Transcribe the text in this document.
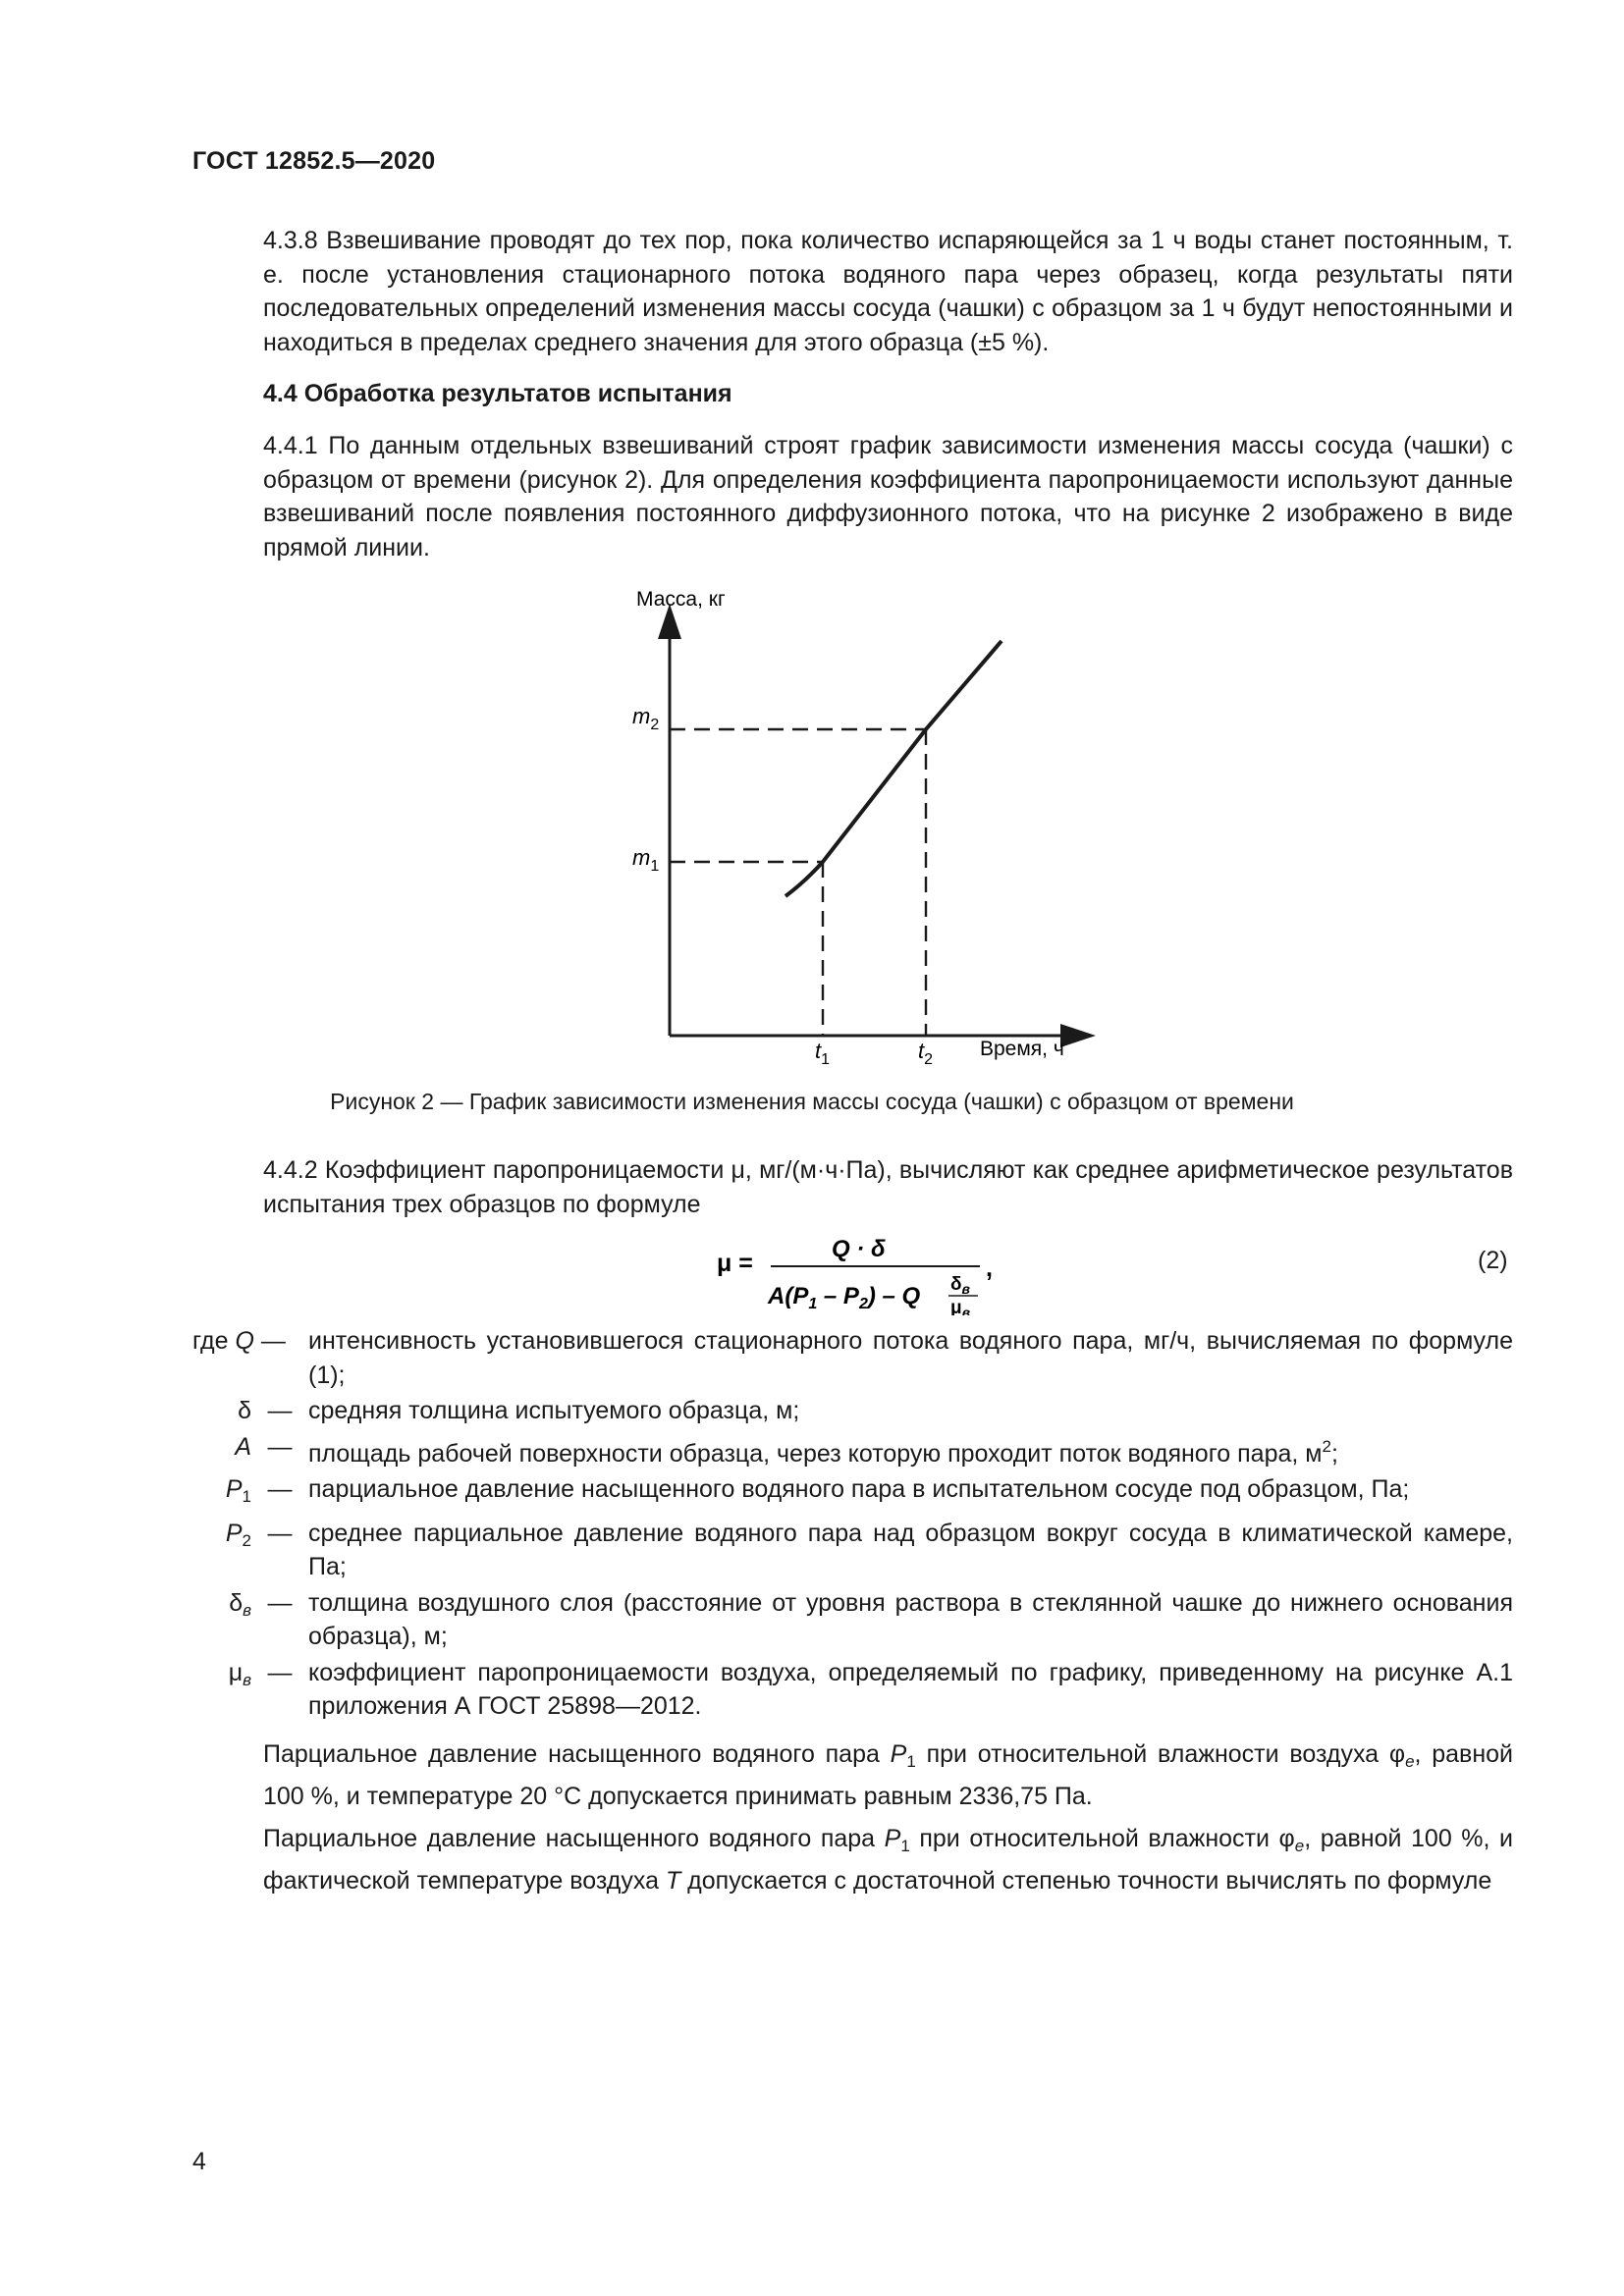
ГОСТ 12852.5—2020
4.3.8 Взвешивание проводят до тех пор, пока количество испаряющейся за 1 ч воды станет постоянным, т. е. после установления стационарного потока водяного пара через образец, когда результаты пяти последовательных определений изменения массы сосуда (чашки) с образцом за 1 ч будут непостоянными и находиться в пределах среднего значения для этого образца (±5 %).
4.4 Обработка результатов испытания
4.4.1 По данным отдельных взвешиваний строят график зависимости изменения массы сосуда (чашки) с образцом от времени (рисунок 2). Для определения коэффициента паропроницаемости используют данные взвешиваний после появления постоянного диффузионного потока, что на рисунке 2 изображено в виде прямой линии.
Масса, кг
Время, ч
$m_2$
$m_1$
$t_1$	$t_2$
Рисунок 2 — График зависимости изменения массы сосуда (чашки) с образцом от времени
4.4.2 Коэффициент паропроницаемости μ, мг/(м·ч·Па), вычисляют как среднее арифметическое результатов испытания трех образцов по формуле
μ =
Q · δ
$A(P_1 - P_2)$ – Q $\delta_в$
$\mu_в$
,	(2)
где Q — интенсивность установившегося стационарного потока водяного пара, мг/ч, вычисляемая по формуле (1);
δ — средняя толщина испытуемого образца, м;
A — площадь рабочей поверхности образца, через которую проходит поток водяного пара, $м^2$;
$P_1$ — парциальное давление насыщенного водяного пара в испытательном сосуде под образцом, Па;
$P_2$ — среднее парциальное давление водяного пара над образцом вокруг сосуда в климатической камере, Па;
$\delta_в$ — толщина воздушного слоя (расстояние от уровня раствора в стеклянной чашке до нижнего основания образца), м;
$\mu_в$ — коэффициент паропроницаемости воздуха, определяемый по графику, приведенному на рисунке А.1 приложения А ГОСТ 25898—2012.
Парциальное давление насыщенного водяного пара $P_1$ при относительной влажности воздуха $\varphi_е$, равной 100 %, и температуре 20 °С допускается принимать равным 2336,75 Па.
Парциальное давление насыщенного водяного пара $P_1$ при относительной влажности $\varphi_е$, равной 100 %, и фактической температуре воздуха T допускается с достаточной степенью точности вычислять по формуле
4
